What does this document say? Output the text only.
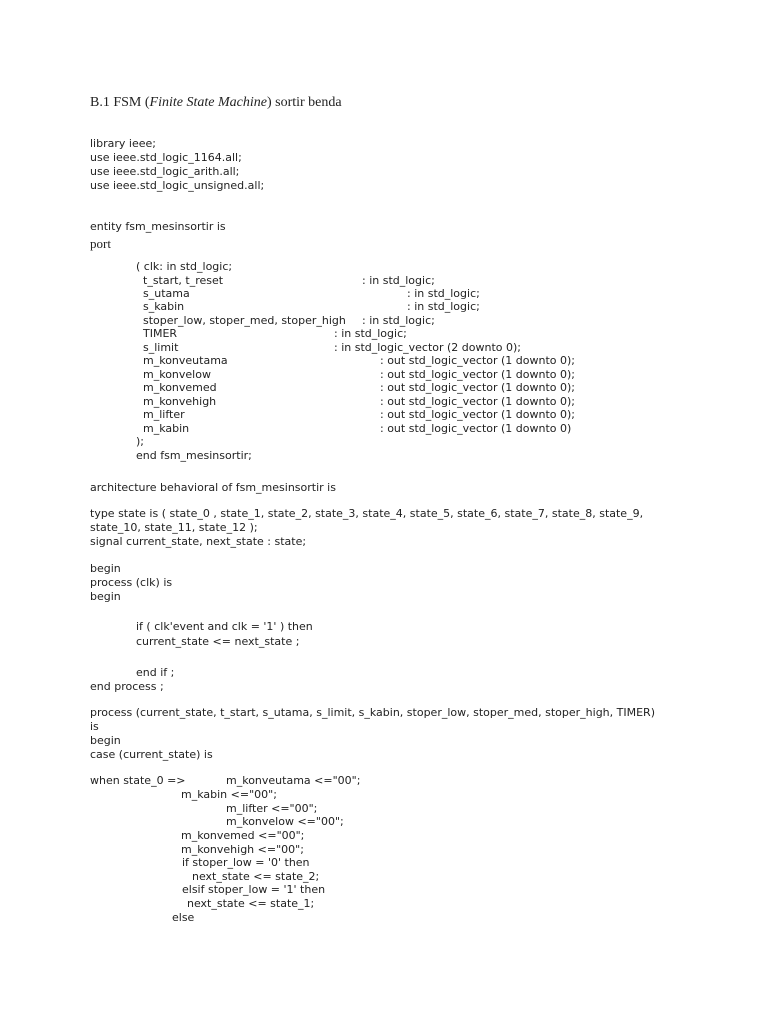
B.1 FSM (Finite State Machine) sortir benda
port
library ieee;
use ieee.std_logic_1164.all;
use ieee.std_logic_arith.all;
use ieee.std_logic_unsigned.all;
entity fsm_mesinsortir is
( clk: in std_logic;
t_start, t_reset	: in std_logic;
s_utama	: in std_logic;
s_kabin	: in std_logic;
stoper_low, stoper_med, stoper_high : in std_logic;
TIMER	: in std_logic;
s_limit	: in std_logic_vector (2 downto 0);
m_konveutama	: out std_logic_vector (1 downto 0);
m_konvelow	: out std_logic_vector (1 downto 0);
m_konvemed	: out std_logic_vector (1 downto 0);
m_konvehigh	: out std_logic_vector (1 downto 0);
m_lifter	: out std_logic_vector (1 downto 0);
m_kabin	: out std_logic_vector (1 downto 0)
);
end fsm_mesinsortir;
architecture behavioral of fsm_mesinsortir is
type state is ( state_0 , state_1, state_2, state_3, state_4, state_5, state_6, state_7, state_8, state_9,
state_10, state_11, state_12 );
signal current_state, next_state : state;
begin
process (clk) is
begin
if ( clk'event and clk = '1' ) then
current_state <= next_state ;
end if ;
end process ;
process (current_state, t_start, s_utama, s_limit, s_kabin, stoper_low, stoper_med, stoper_high, TIMER)
is
begin
case (current_state) is
when state_0 =>	m_konveutama <="00";
m_kabin <="00";
m_lifter <="00";
m_konvelow <="00";
m_konvemed <="00";
m_konvehigh <="00";
if stoper_low = '0' then
next_state <= state_2;
elsif stoper_low = '1' then
next_state <= state_1;
else
